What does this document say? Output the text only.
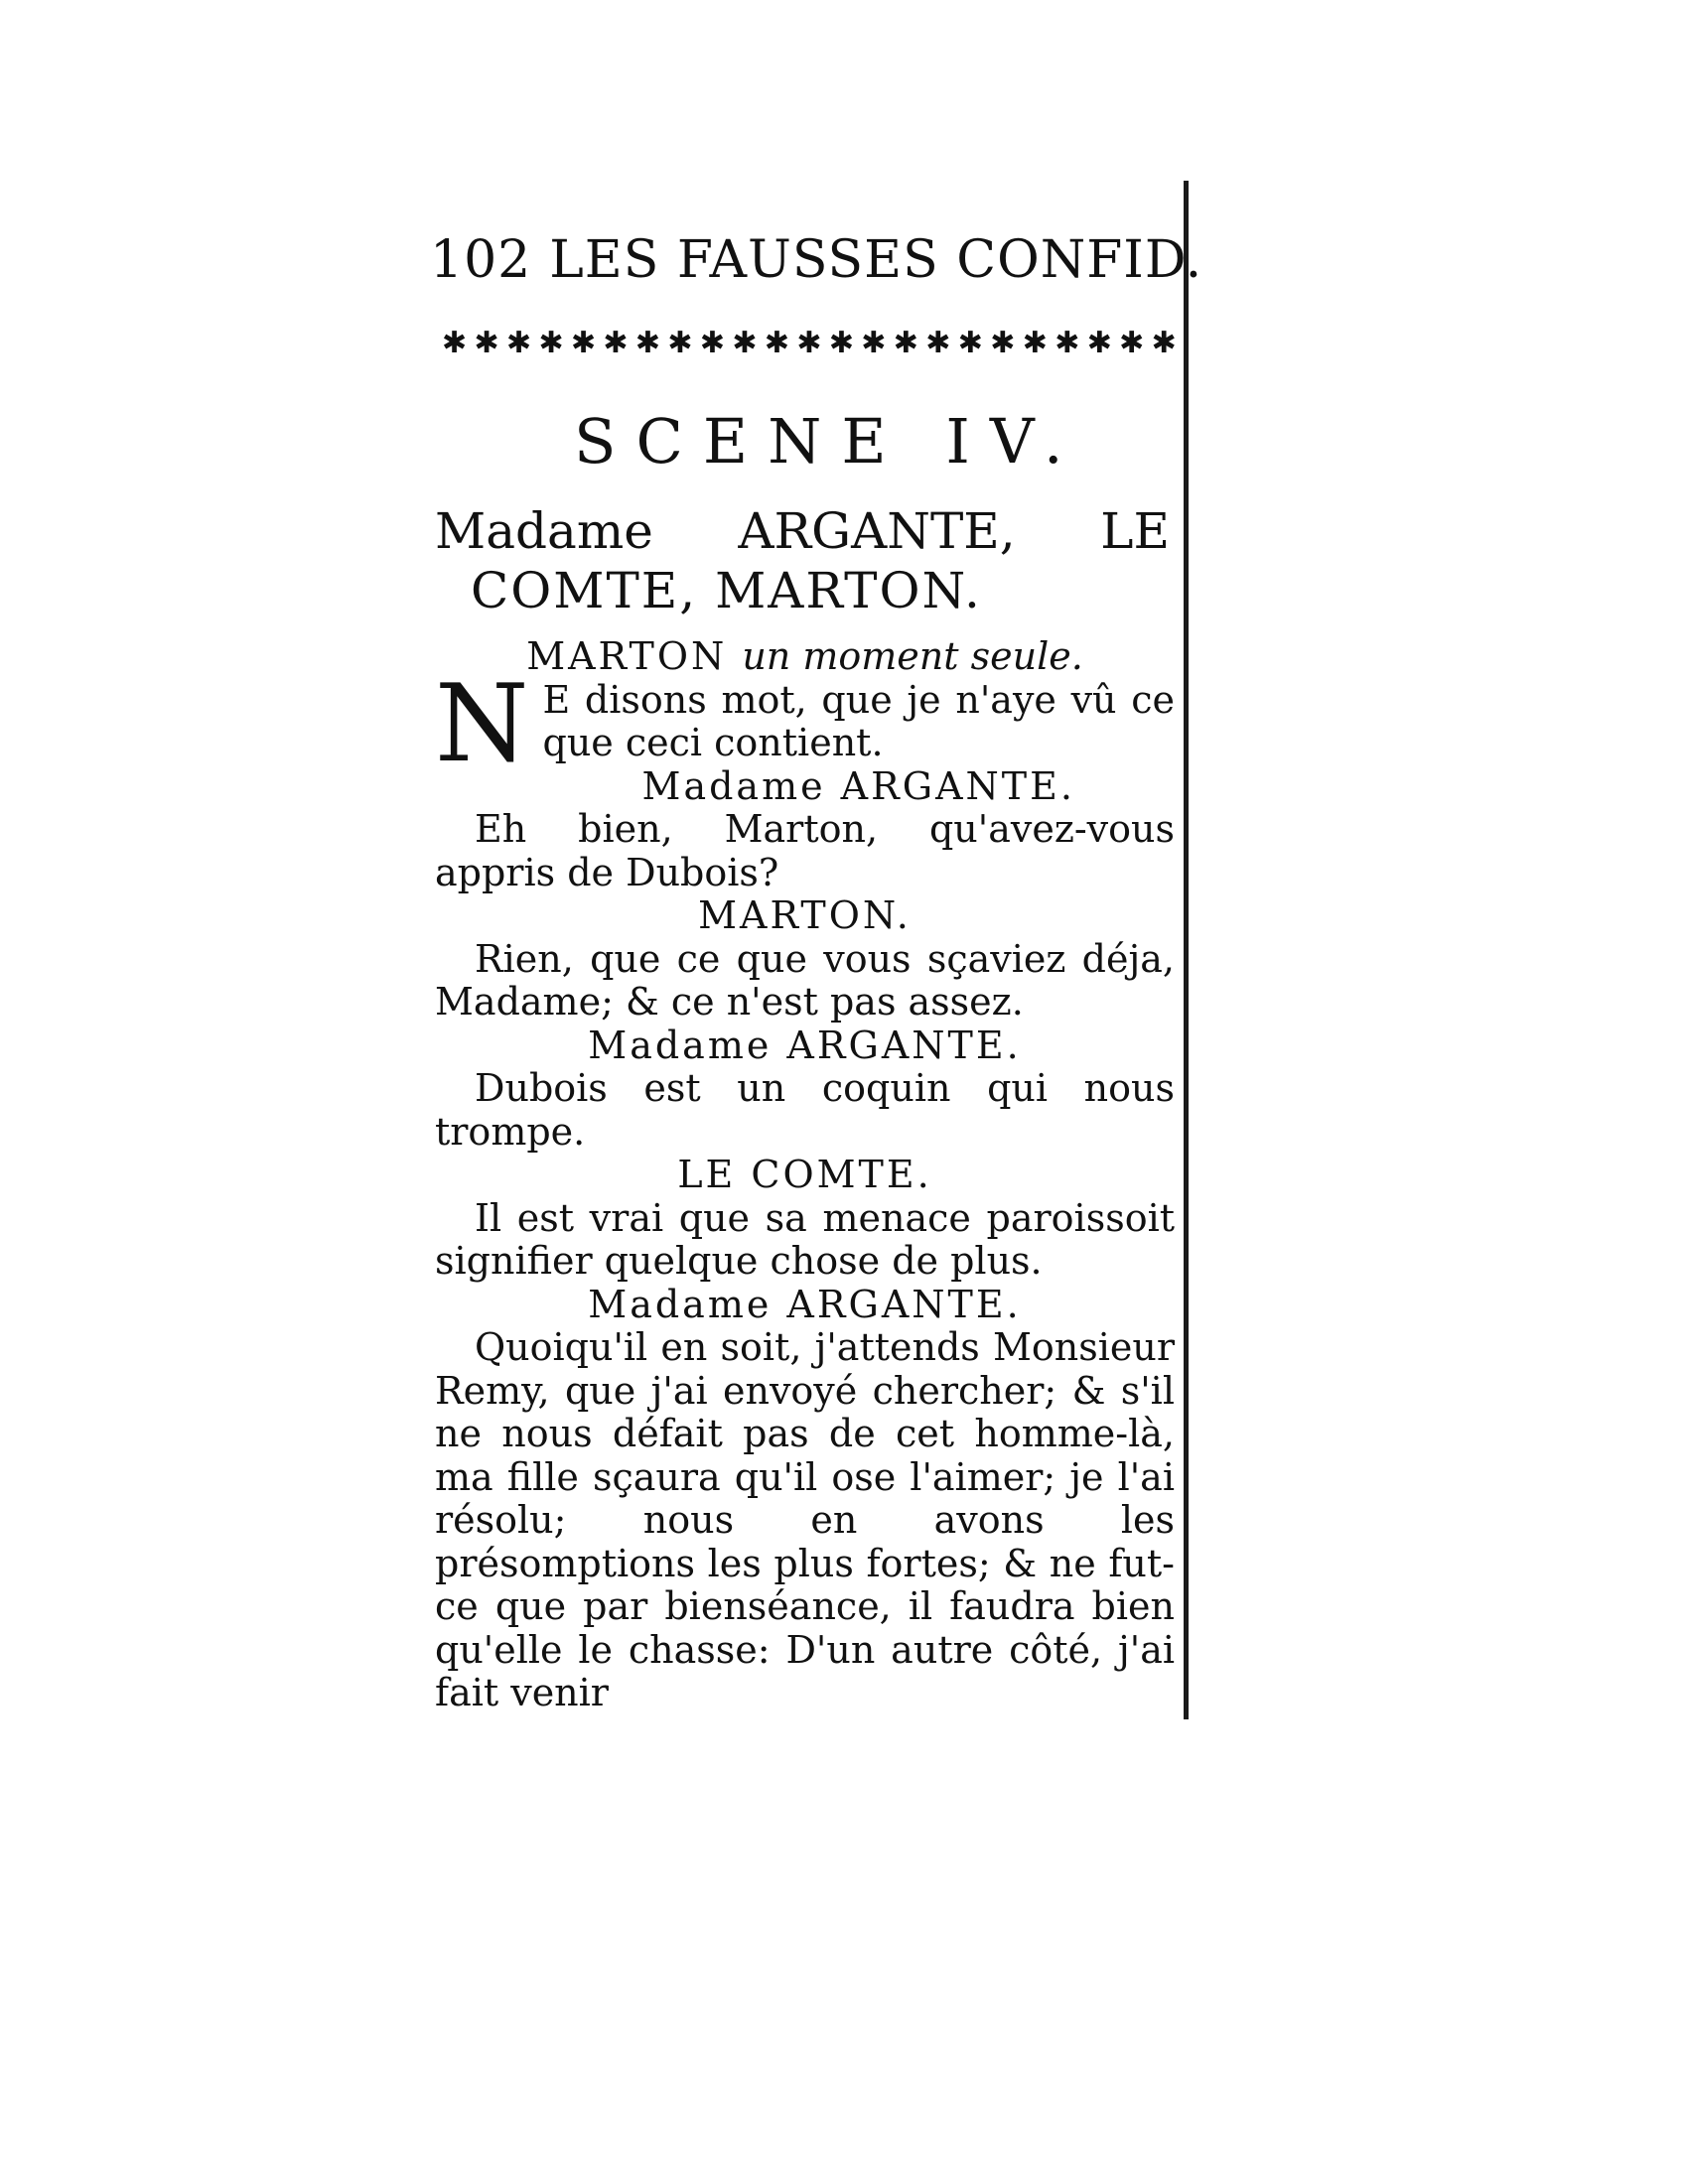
102 LES FAUSSES CONFID.
✱ ✱ ✱ ✱ ✱ ✱ ✱ ✱ ✱ ✱ ✱ ✱ ✱ ✱ ✱ ✱ ✱ ✱ ✱ ✱ ✱ ✱ ✱
SCENE IV.
Madame ARGANTE, LE
COMTE, MARTON.
MARTON un moment seule.
N E disons mot, que je n'aye vû ce que ceci contient.
Madame ARGANTE.
Eh bien, Marton, qu'avez-vous appris de Dubois?
MARTON.
Rien, que ce que vous sçaviez déja, Madame; & ce n'est pas assez.
Madame ARGANTE.
Dubois est un coquin qui nous trompe.
LE COMTE.
Il est vrai que sa menace paroissoit signifier quelque chose de plus.
Madame ARGANTE.
Quoiqu'il en soit, j'attends Monsieur Remy, que j'ai envoyé chercher; & s'il ne nous défait pas de cet homme-là, ma fille sçaura qu'il ose l'aimer; je l'ai résolu; nous en avons les présomptions les plus fortes; & ne fut-ce que par bienséance, il faudra bien qu'elle le chasse: D'un autre côté, j'ai fait venir
